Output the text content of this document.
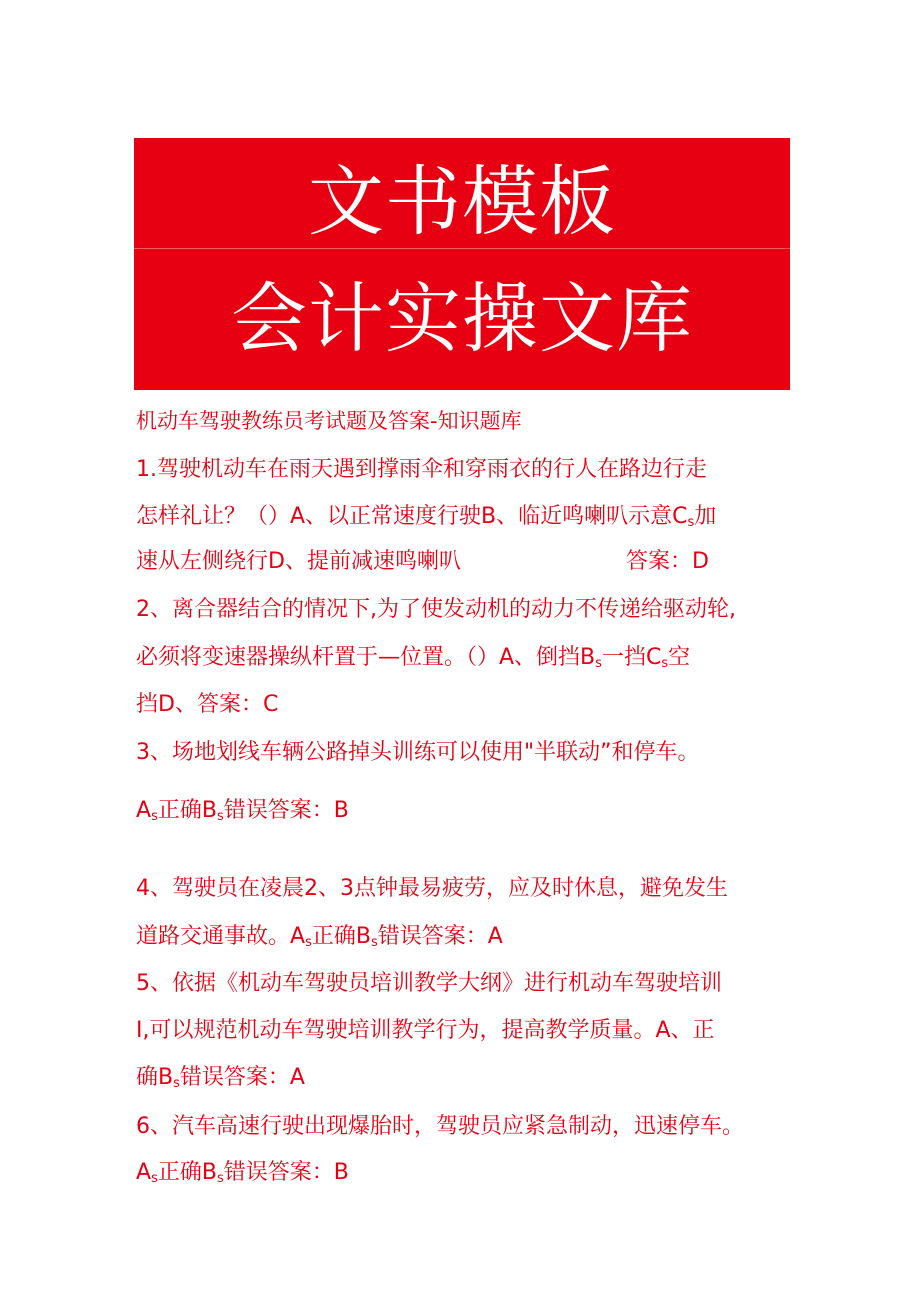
文书模板
会计实操文库
机动车驾驶教练员考试题及答案-知识题库
1.驾驶机动车在雨天遇到撑雨伞和穿雨衣的行人在路边行走
怎样礼让？（）A、以正常速度行驶B、临近鸣喇叭示意$C_s$加
速从左侧绕行D、提前减速鸣喇叭	答案：D
2、离合器结合的情况下,为了使发动机的动力不传递给驱动轮,
必须将变速器操纵杆置于—位置。（）A、倒挡$B_s$一挡$C_s$空
挡D、答案：C
3、场地划线车辆公路掉头训练可以使用"半联动”和停车。
$A_s$正确$B_s$错误答案：B
4、驾驶员在凌晨2、3点钟最易疲劳，应及时休息，避免发生
道路交通事故。$A_s$正确$B_s$错误答案：A
5、依据《机动车驾驶员培训教学大纲》进行机动车驾驶培训
I,可以规范机动车驾驶培训教学行为，提高教学质量。A、正
确$B_s$错误答案：A
6、汽车高速行驶出现爆胎时，驾驶员应紧急制动，迅速停车。
$A_s$正确$B_s$错误答案：B
